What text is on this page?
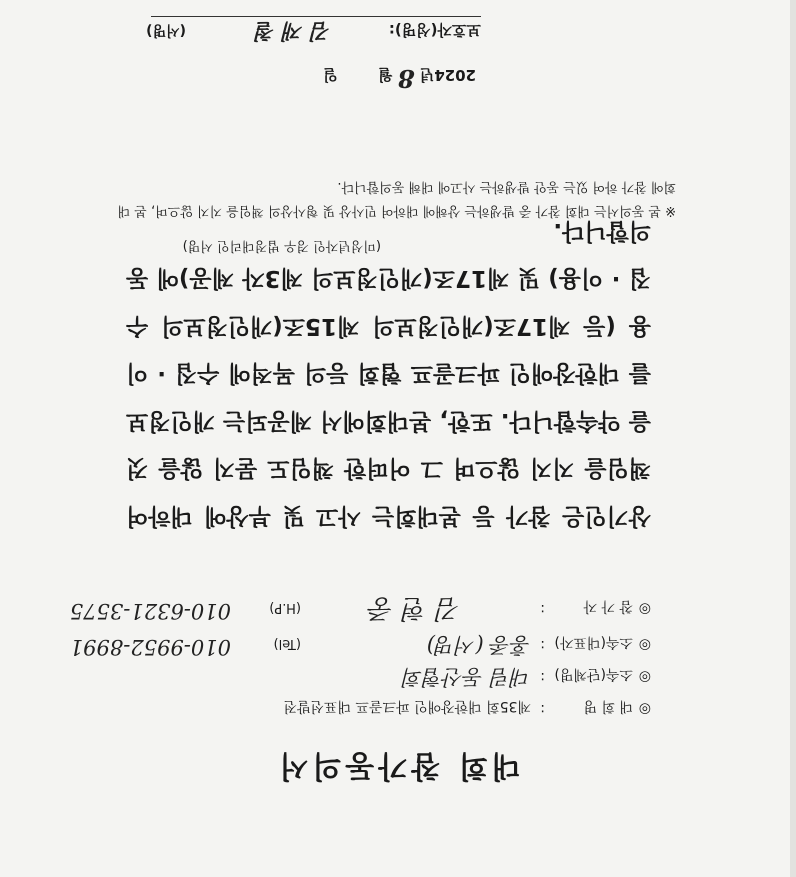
대회 참가동의서
◎
대 회 명
:
제35회 대한장애인 파크골프 대표선발전
◎
소속(단체명)
:
대림 동산협회
◎
소속(대표자)
:
홍종 (서명)
(Tel)
010-9952-8991
◎
참 가 자
:
김 현 중
(H.P)
010-6321-3575
상기인은 참가 등 본대회는 사고 및 부상에 대하여 책임을 지지 않으며 그 어떠한 책임도 묻지 않을 것을 약속합니다. 또한, 본대회에서 제공되는 개인정보를 대한장애인 파크골프 협회 등의 목적에 수집 · 이용 (등 제17조(개인정보의 제15조(개인정보의 수집 · 이용) 및 제17조(개인정보의 제3자 제공)에 동의합니다.
(미성년자인 경우 법정대리인 서명)
※ 본 동의서는 대회 참가 중 발생하는 상해에 대하여 민사상 및 형사상의 책임을 지지 않으며, 본 대회에 참가 하여 있는 동안 발생하는 사고에 대해 동의합니다.
2024년 8 월  일
보호자(성명):
김 재 철
(서명)
